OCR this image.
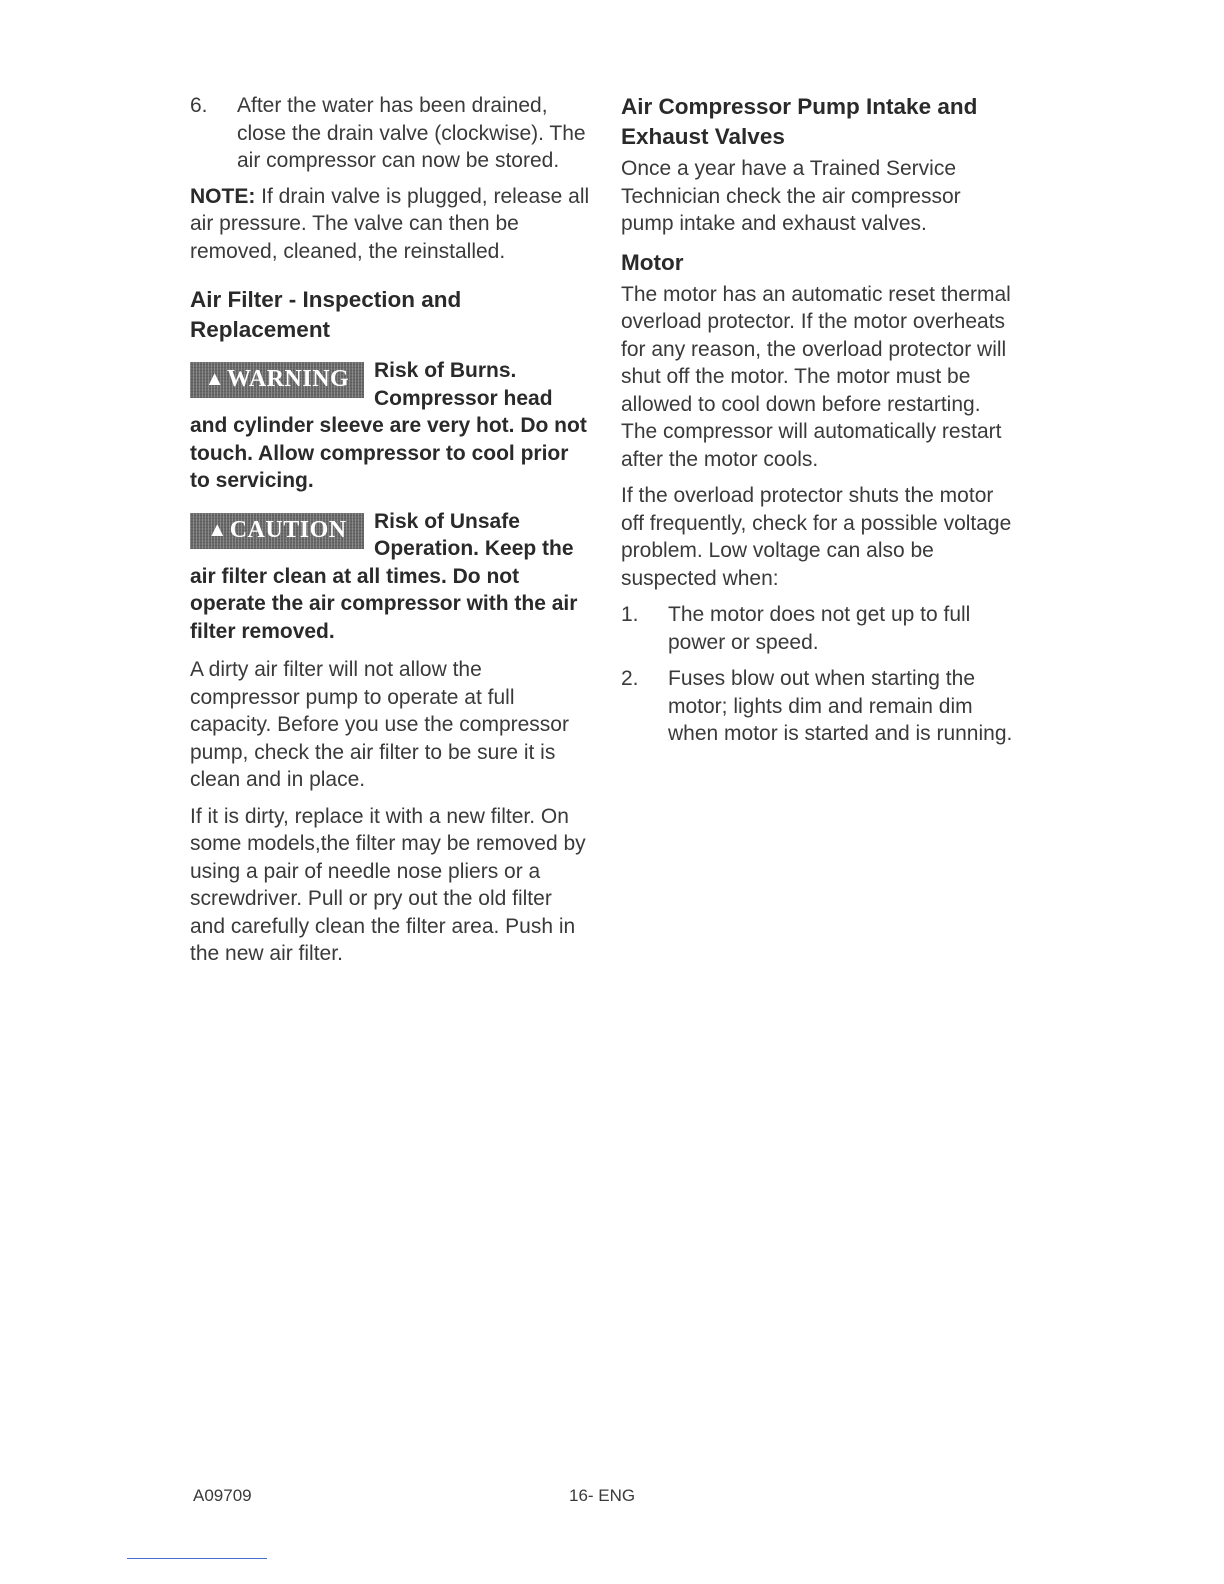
6.	After the water has been drained, close the drain valve (clockwise). The air compressor can now be stored.

NOTE: If drain valve is plugged, release all air pressure. The valve can then be removed, cleaned, the reinstalled.

Air Filter - Inspection and Replacement
▲ WARNING Risk of Burns. Compressor head and cylinder sleeve are very hot. Do not touch. Allow compressor to cool prior to servicing.
▲ CAUTION Risk of Unsafe Operation. Keep the air filter clean at all times. Do not operate the air compressor with the air filter removed.

A dirty air filter will not allow the compressor pump to operate at full capacity. Before you use the compressor pump, check the air filter to be sure it is clean and in place.

If it is dirty, replace it with a new filter. On some models,the filter may be removed by using a pair of needle nose pliers or a screwdriver. Pull or pry out the old filter and carefully clean the filter area. Push in the new air filter.

Air Compressor Pump Intake and Exhaust Valves

Once a year have a Trained Service Technician check the air compressor pump intake and exhaust valves.

Motor

The motor has an automatic reset thermal overload protector. If the motor overheats for any reason, the overload protector will shut off the motor. The motor must be allowed to cool down before restarting. The compressor will automatically restart after the motor cools.

If the overload protector shuts the motor off frequently, check for a possible voltage problem. Low voltage can also be suspected when:

1.	The motor does not get up to full power or speed.
2.	Fuses blow out when starting the motor; lights dim and remain dim when motor is started and is running.
A09709	16- ENG
